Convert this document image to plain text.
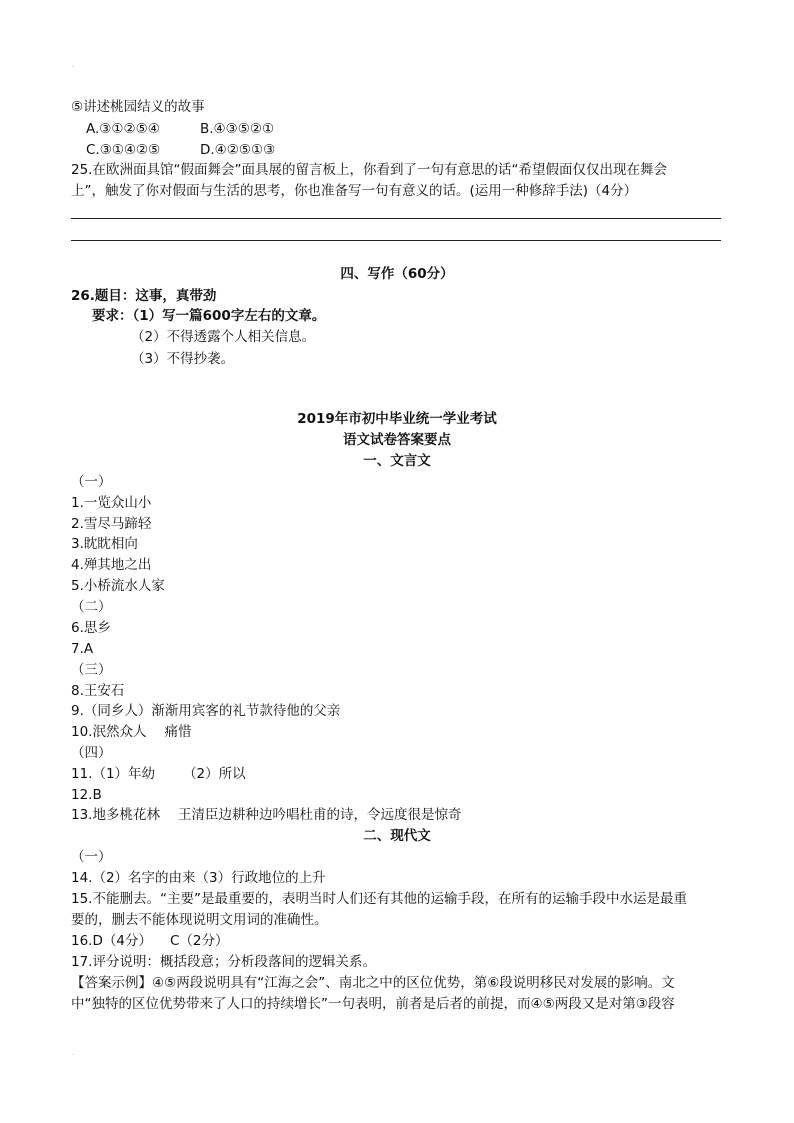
.
⑤讲述桃园结义的故事
A.③①②⑤④	B.④③⑤②①
C.③①④②⑤	D.④②⑤①③
25.在欧洲面具馆“假面舞会”面具展的留言板上，你看到了一句有意思的话“希望假面仅仅出现在舞会
上”，触发了你对假面与生活的思考，你也准备写一句有意义的话。(运用一种修辞手法)（4分）
四、写作（60分）
26.题目：这事，真带劲
要求：（1）写一篇600字左右的文章。
（2）不得透露个人相关信息。
（3）不得抄袭。
2019年市初中毕业统一学业考试
语文试卷答案要点
一、文言文
（一）
1.一览众山小
2.雪尽马蹄轻
3.眈眈相向
4.殚其地之出
5.小桥流水人家
（二）
6.思乡
7.A
（三）
8.王安石
9.（同乡人）渐渐用宾客的礼节款待他的父亲
10.泯然众人 痛惜
（四）
11.（1）年幼 （2）所以
12.B
13.地多桃花林 王清臣边耕种边吟唱杜甫的诗，令远度很是惊奇
二、现代文
（一）
14.（2）名字的由来（3）行政地位的上升
15.不能删去。“主要”是最重要的，表明当时人们还有其他的运输手段，在所有的运输手段中水运是最重
要的，删去不能体现说明文用词的准确性。
16.D（4分） C（2分）
17.评分说明：概括段意；分析段落间的逻辑关系。
【答案示例】④⑤两段说明具有“江海之会”、南北之中的区位优势，第⑥段说明移民对发展的影响。文
中“独特的区位优势带来了人口的持续增长”一句表明，前者是后者的前提，而④⑤两段又是对第③段容
.
